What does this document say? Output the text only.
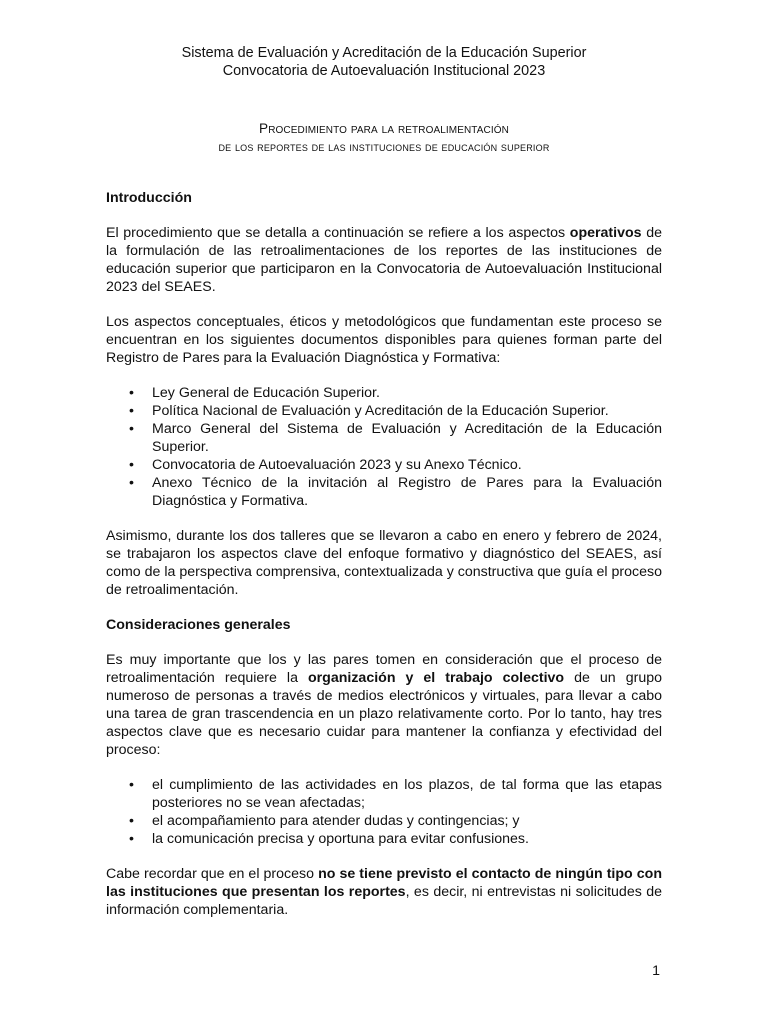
Sistema de Evaluación y Acreditación de la Educación Superior
Convocatoria de Autoevaluación Institucional 2023
Procedimiento para la retroalimentación
de los reportes de las instituciones de educación superior
Introducción

El procedimiento que se detalla a continuación se refiere a los aspectos operativos de la formulación de las retroalimentaciones de los reportes de las instituciones de educación superior que participaron en la Convocatoria de Autoevaluación Institucional 2023 del SEAES.

Los aspectos conceptuales, éticos y metodológicos que fundamentan este proceso se encuentran en los siguientes documentos disponibles para quienes forman parte del Registro de Pares para la Evaluación Diagnóstica y Formativa:

• Ley General de Educación Superior.
• Política Nacional de Evaluación y Acreditación de la Educación Superior.
• Marco General del Sistema de Evaluación y Acreditación de la Educación Superior.
• Convocatoria de Autoevaluación 2023 y su Anexo Técnico.
• Anexo Técnico de la invitación al Registro de Pares para la Evaluación Diagnóstica y Formativa.

Asimismo, durante los dos talleres que se llevaron a cabo en enero y febrero de 2024, se trabajaron los aspectos clave del enfoque formativo y diagnóstico del SEAES, así como de la perspectiva comprensiva, contextualizada y constructiva que guía el proceso de retroalimentación.

Consideraciones generales

Es muy importante que los y las pares tomen en consideración que el proceso de retroalimentación requiere la organización y el trabajo colectivo de un grupo numeroso de personas a través de medios electrónicos y virtuales, para llevar a cabo una tarea de gran trascendencia en un plazo relativamente corto. Por lo tanto, hay tres aspectos clave que es necesario cuidar para mantener la confianza y efectividad del proceso:

• el cumplimiento de las actividades en los plazos, de tal forma que las etapas posteriores no se vean afectadas;
• el acompañamiento para atender dudas y contingencias; y
• la comunicación precisa y oportuna para evitar confusiones.

Cabe recordar que en el proceso no se tiene previsto el contacto de ningún tipo con las instituciones que presentan los reportes, es decir, ni entrevistas ni solicitudes de información complementaria.

1
